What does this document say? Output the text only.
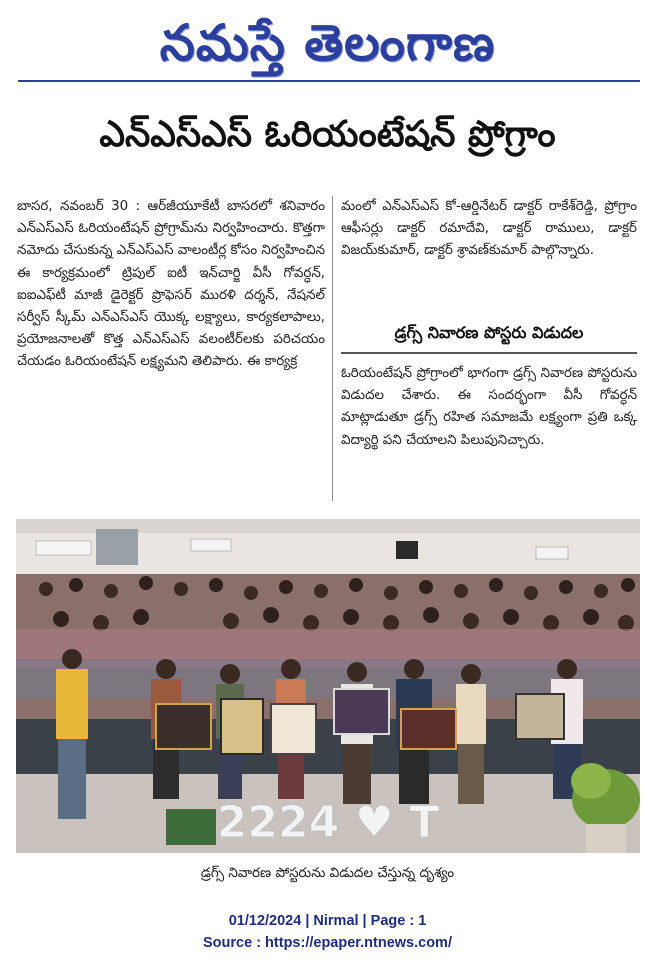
నమస్తే తెలంగాణ
ఎన్‌ఎస్‌ఎస్ ఓరియంటేషన్ ప్రోగ్రాం
బాసర, నవంబర్ 30 : ఆర్‌జీయూకేటీ బాసరలో శనివారం ఎన్‌ఎస్‌ఎస్ ఓరియంటేషన్ ప్రోగ్రామ్‌ను నిర్వహించారు. కొత్తగా నమోదు చేసుకున్న ఎన్‌ఎస్‌ఎస్ వాలంటీర్ల కోసం నిర్వహించిన ఈ కార్యక్రమంలో ట్రిపుల్ ఐటీ ఇన్‌చార్జి వీసీ గోవర్ధన్, ఐఐఎఫ్‌టీ మాజీ డైరెక్టర్ ప్రొఫెసర్ మురళి దర్శన్, నేషనల్ సర్వీస్ స్కీమ్ ఎన్‌ఎస్‌ఎస్ యొక్క లక్ష్యాలు, కార్యకలాపాలు, ప్రయోజనాలతో కొత్త ఎన్‌ఎస్‌ఎస్ వలంటీర్‌లకు పరిచయం చేయడం ఓరియంటేషన్ లక్ష్యమని తెలిపారు. ఈ కార్యక్ర
మంలో ఎన్‌ఎస్‌ఎస్ కో-ఆర్డినేటర్ డాక్టర్ రాకేశ్‌రెడ్డి, ప్రోగ్రాం ఆఫీసర్లు డాక్టర్ రమాదేవి, డాక్టర్ రాములు, డాక్టర్ విజయ్‌కుమార్, డాక్టర్ శ్రావణ్‌కుమార్ పాల్గొన్నారు.
డ్రగ్స్ నివారణ పోస్టరు విడుదల
ఓరియంటేషన్ ప్రోగ్రాంలో భాగంగా డ్రగ్స్ నివారణ పోస్టరును విడుదల చేశారు. ఈ సందర్భంగా వీసీ గోవర్ధన్ మాట్లాడుతూ డ్రగ్స్ రహిత సమాజమే లక్ష్యంగా ప్రతి ఒక్క విద్యార్థి పని చేయాలని పిలుపునిచ్చారు.
2224 ♥ T
డ్రగ్స్ నివారణ పోస్టరును విడుదల చేస్తున్న దృశ్యం
01/12/2024 | Nirmal | Page : 1
Source : https://epaper.ntnews.com/
